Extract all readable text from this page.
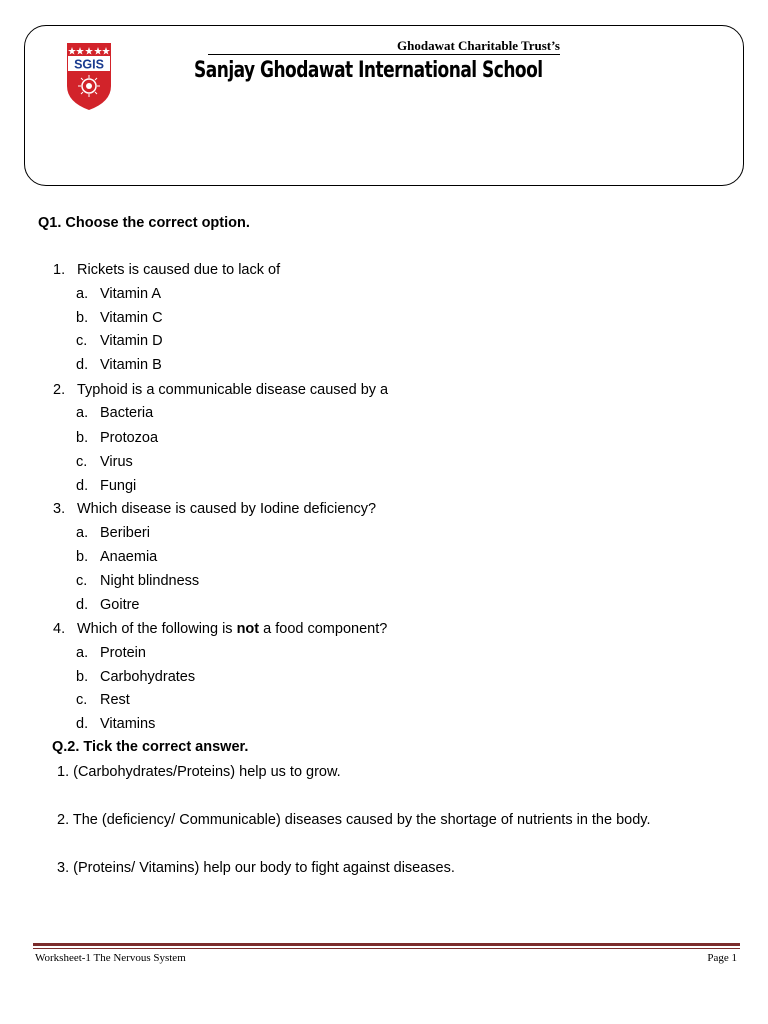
SGIS
Ghodawat Charitable Trust’s
Sanjay Ghodawat International School
Q1. Choose the correct option.
1. Rickets is caused due to lack of
a. Vitamin A
b. Vitamin C
c. Vitamin D
d. Vitamin B
2. Typhoid is a communicable disease caused by a
a. Bacteria
b. Protozoa
c. Virus
d. Fungi
3. Which disease is caused by Iodine deficiency?
a. Beriberi
b. Anaemia
c. Night blindness
d. Goitre
4. Which of the following is not a food component?
a. Protein
b. Carbohydrates
c. Rest
d. Vitamins
Q.2. Tick the correct answer.
1. (Carbohydrates/Proteins) help us to grow.
2. The (deficiency/ Communicable) diseases caused by the shortage of nutrients in the body.
3. (Proteins/ Vitamins) help our body to fight against diseases.
Worksheet-1 The Nervous System	Page 1
